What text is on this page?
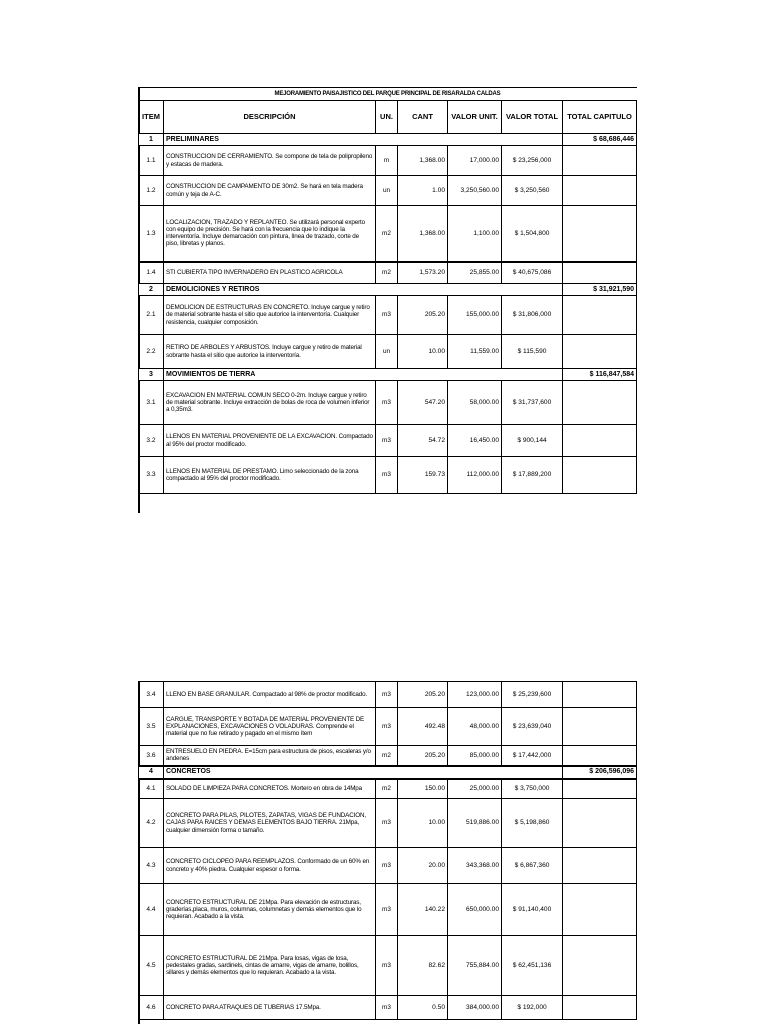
MEJORAMIENTO PAISAJISTICO DEL PARQUE PRINCIPAL DE RISARALDA CALDAS						
ITEM	DESCRIPCIÓN	UN.	CANT	VALOR UNIT.	VALOR TOTAL	TOTAL CAPITULO
1	PRELIMINARES					$ 68,686,446
1.1	CONSTRUCCION DE CERRAMIENTO. Se compone de tela de polipropileno y estacas de madera.	m	1,368.00	17,000.00	$ 23,256,000	
1.2	CONSTRUCCION DE CAMPAMENTO DE 30m2. Se hará en tela madera común y teja de A-C.	un	1.00	3,250,560.00	$ 3,250,560	
1.3	LOCALIZACION, TRAZADO Y REPLANTEO. Se utilizará personal experto con equipo de precisión. Se hará con la frecuencia que lo indique la interventoría. Incluye demarcación con pintura, línea de trazado, corte de piso, libretas y planos.	m2	1,368.00	1,100.00	$ 1,504,800	
1.4	STI CUBIERTA TIPO INVERNADERO EN PLASTICO AGRICOLA	m2	1,573.20	25,855.00	$ 40,675,086	
2	DEMOLICIONES Y RETIROS					$ 31,921,590
2.1	DEMOLICION DE ESTRUCTURAS EN CONCRETO. Incluye cargue y retiro de material sobrante hasta el sitio que autorice la interventoría. Cualquier resistencia, cualquier composición.	m3	205.20	155,000.00	$ 31,806,000	
2.2	RETIRO DE ARBOLES Y ARBUSTOS. Incluye cargue y retiro de material sobrante hasta el sitio que autorice la interventoría.	un	10.00	11,559.00	$ 115,590	
3	MOVIMIENTOS DE TIERRA					$ 116,847,584
3.1	EXCAVACION EN MATERIAL COMUN SECO 0-2m. Incluye cargue y retiro de material sobrante. Incluye extracción de bolas de roca de volumen inferior a 0,35m3.	m3	547.20	58,000.00	$ 31,737,600	
3.2	LLENOS EN MATERIAL PROVENIENTE DE LA EXCAVACION. Compactado al 95% del proctor modificado.	m3	54.72	16,450.00	$ 900,144	
3.3	LLENOS EN MATERIAL DE PRESTAMO. Limo seleccionado de la zona compactado al 95% del proctor modificado.	m3	159.73	112,000.00	$ 17,889,200	
3.4	LLENO EN BASE GRANULAR. Compactado al 98% de proctor modificado.	m3	205.20	123,000.00	$ 25,239,600	
3.5	CARGUE, TRANSPORTE Y BOTADA DE MATERIAL PROVENIENTE DE EXPLANACIONES, EXCAVACIONES O VOLADURAS. Comprende el material que no fue retirado y pagado en el mismo ítem	m3	492.48	48,000.00	$ 23,639,040	
3.6	ENTRESUELO EN PIEDRA. E=15cm para estructura de pisos, escaleras y/o andenes	m2	205.20	85,000.00	$ 17,442,000	
4	CONCRETOS					$ 206,596,096
4.1	SOLADO DE LIMPIEZA PARA CONCRETOS. Mortero en obra de 14Mpa	m2	150.00	25,000.00	$ 3,750,000	
4.2	CONCRETO PARA PILAS, PILOTES, ZAPATAS, VIGAS DE FUNDACION, CAJAS PARA RAICES Y DEMAS ELEMENTOS BAJO TIERRA. 21Mpa, cualquier dimensión forma o tamaño.	m3	10.00	519,886.00	$ 5,198,860	
4.3	CONCRETO CICLOPEO PARA REEMPLAZOS. Conformado de un 60% en concreto y 40% piedra. Cualquier espesor o forma.	m3	20.00	343,368.00	$ 6,867,360	
4.4	CONCRETO ESTRUCTURAL DE 21Mpa. Para elevación de estructuras, graderías,placa, muros, columnas, columnetas y demás elementos que lo requieran. Acabado a la vista.	m3	140.22	650,000.00	$ 91,140,400	
4.5	CONCRETO ESTRUCTURAL DE 21Mpa. Para losas, vigas de losa, pedestales gradas, sardinels, cintas de amarre, vigas de amarre, bolillos, sillares y demás elementos que lo requieran. Acabado a la vista.	m3	82.62	755,884.00	$ 62,451,136	
4.6	CONCRETO PARA ATRAQUES DE TUBERIAS 17.5Mpa.	m3	0.50	384,000.00	$ 192,000	
